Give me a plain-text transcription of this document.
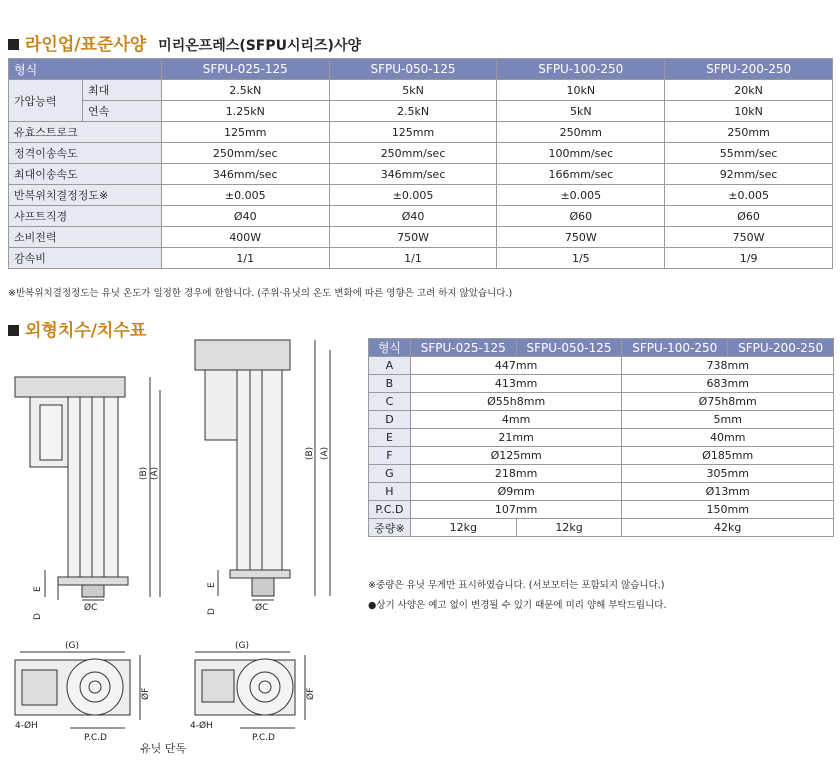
라인업/표준사양 미리온프레스(SFPU시리즈)사양
형식		SFPU-025-125	SFPU-050-125	SFPU-100-250	SFPU-200-250
가압능력	최대	2.5kN	5kN	10kN	20kN
	연속	1.25kN	2.5kN	5kN	10kN
유효스트로크		125mm	125mm	250mm	250mm
정격이송속도		250mm/sec	250mm/sec	100mm/sec	55mm/sec
최대이송속도		346mm/sec	346mm/sec	166mm/sec	92mm/sec
반복위치결정정도※		±0.005	±0.005	±0.005	±0.005
샤프트직경		Ø40	Ø40	Ø60	Ø60
소비전력		400W	750W	750W	750W
감속비		1/1	1/1	1/5	1/9
※반복위치결정정도는 유닛 온도가 일정한 경우에 한합니다. (주위·유닛의 온도 변화에 따른 영향은 고려 하지 않았습니다.)
외형치수/치수표
(B) (A)
E
D
ØC
(B) (A)
E
D	ØC
(G)
ØF
4-ØH
P.C.D
(G)
ØF
4-ØH
P.C.D
유닛 단독
형식	SFPU-025-125	SFPU-050-125	SFPU-100-250	SFPU-200-250
A	447mm		738mm	
B	413mm		683mm	
C	Ø55h8mm		Ø75h8mm	
D	4mm		5mm	
E	21mm		40mm	
F	Ø125mm		Ø185mm	
G	218mm		305mm	
H	Ø9mm		Ø13mm	
P.C.D	107mm		150mm	
중량※	12kg	12kg	42kg	
※중량은 유닛 무게만 표시하였습니다. (서보모터는 포함되지 않습니다.)
●상기 사양은 예고 없이 변경될 수 있기 때문에 미리 양해 부탁드립니다.
